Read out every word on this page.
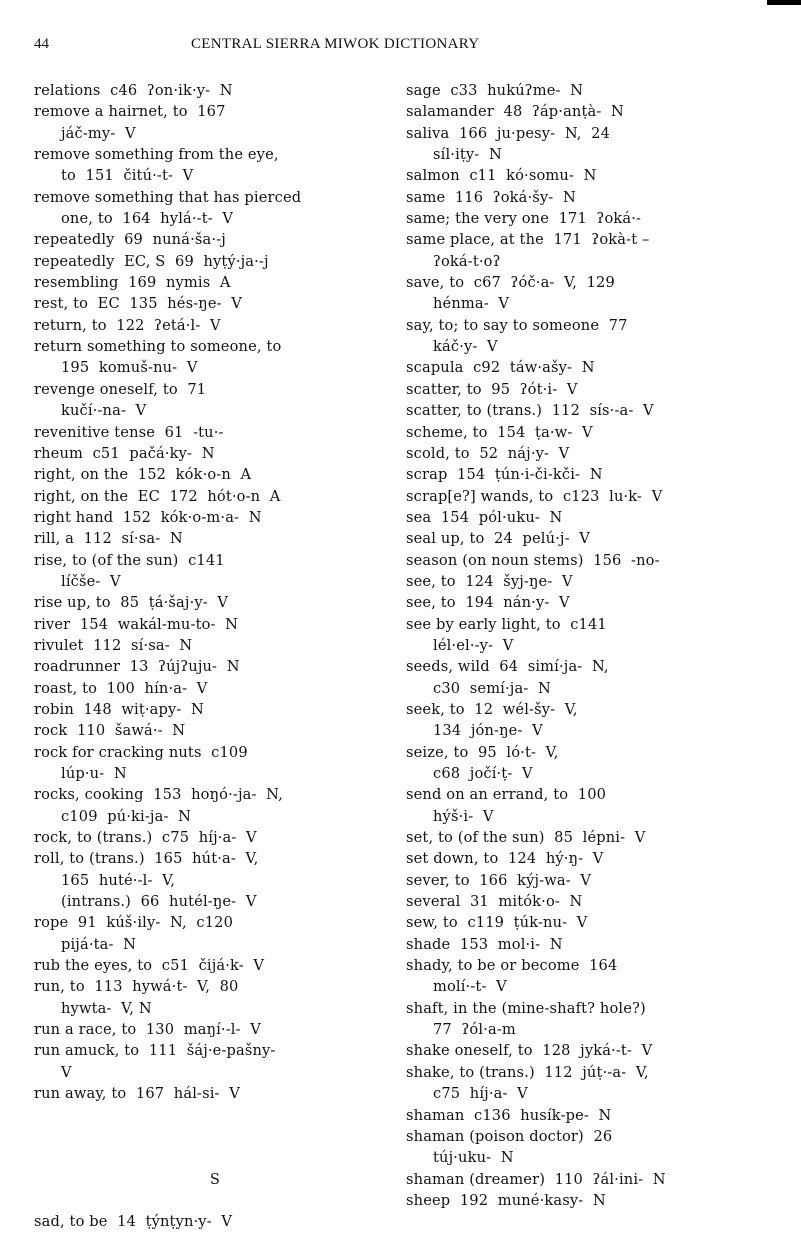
44	CENTRAL SIERRA MIWOK DICTIONARY
relations  c46  ʔon·ik·y-  N
remove a hairnet, to  167
jáč-my-  V
remove something from the eye,
to  151  čitú·-t-  V
remove something that has pierced
one, to  164  hylá·-t-  V
repeatedly  69  nuná·ša·-j
repeatedly  EC, S  69  hyṭý·ja·-j
resembling  169  nymis  A
rest, to  EC  135  hés-ŋe-  V
return, to  122  ʔetá·l-  V
return something to someone, to
195  komuš-nu-  V
revenge oneself, to  71
kučí·-na-  V
revenitive tense  61  -tu·-
rheum  c51  pačá·ky-  N
right, on the  152  kók·o-n  A
right, on the  EC  172  hót·o-n  A
right hand  152  kók·o-m·a-  N
rill, a  112  sí·sa-  N
rise, to (of the sun)  c141
líčše-  V
rise up, to  85  ṭá·šaj·y-  V
river  154  wakál-mu-to-  N
rivulet  112  sí·sa-  N
roadrunner  13  ʔújʔuju-  N
roast, to  100  hín·a-  V
robin  148  wiṭ·apy-  N
rock  110  šawá·-  N
rock for cracking nuts  c109
lúp·u-  N
rocks, cooking  153  hoŋó·-ja-  N,
c109  pú·ki-ja-  N
rock, to (trans.)  c75  híj·a-  V
roll, to (trans.)  165  hút·a-  V,
165  huté·-l-  V,
(intrans.)  66  hutél-ŋe-  V
rope  91  kúš·ily-  N,  c120
pijá·ta-  N
rub the eyes, to  c51  čijá·k-  V
run, to  113  hywá·t-  V,  80
hywta-  V, N
run a race, to  130  maŋí·-l-  V
run amuck, to  111  šáj·e-pašny-
V
run away, to  167  hál-si-  V
S
sad, to be  14  ṭýnṭyn·y-  V
sage  c33  hukúʔme-  N
salamander  48  ʔáp·anṭà-  N
saliva  166  ju·pesy-  N,  24
síl·iṭy-  N
salmon  c11  kó·somu-  N
same  116  ʔoká·šy-  N
same; the very one  171  ʔoká·-
same place, at the  171  ʔokà-t –
ʔoká-t·oʔ
save, to  c67  ʔóč·a-  V,  129
hénma-  V
say, to; to say to someone  77
káč·y-  V
scapula  c92  táw·ašy-  N
scatter, to  95  ʔót·i-  V
scatter, to (trans.)  112  sís·-a-  V
scheme, to  154  ṭa·w-  V
scold, to  52  náj·y-  V
scrap  154  ṭún·i-či-kči-  N
scrap[e?] wands, to  c123  lu·k-  V
sea  154  pól·uku-  N
seal up, to  24  pelú·j-  V
season (on noun stems)  156  -no-
see, to  124  šyj-ŋe-  V
see, to  194  nán·y-  V
see by early light, to  c141
lél·el·-y-  V
seeds, wild  64  simí·ja-  N,
c30  semí·ja-  N
seek, to  12  wél-šy-  V,
134  jón-ŋe-  V
seize, to  95  ló·t-  V,
c68  jočí·ṭ-  V
send on an errand, to  100
hýš·i-  V
set, to (of the sun)  85  lépni-  V
set down, to  124  hý·ŋ-  V
sever, to  166  kýj-wa-  V
several  31  mitók·o-  N
sew, to  c119  ṭúk-nu-  V
shade  153  mol·i-  N
shady, to be or become  164
molí·-t-  V
shaft, in the (mine-shaft? hole?)
77  ʔól·a-m
shake oneself, to  128  jyká·-t-  V
shake, to (trans.)  112  júṭ·-a-  V,
c75  híj·a-  V
shaman  c136  husík-pe-  N
shaman (poison doctor)  26
túj·uku-  N
shaman (dreamer)  110  ʔál·ini-  N
sheep  192  muné·kasy-  N
